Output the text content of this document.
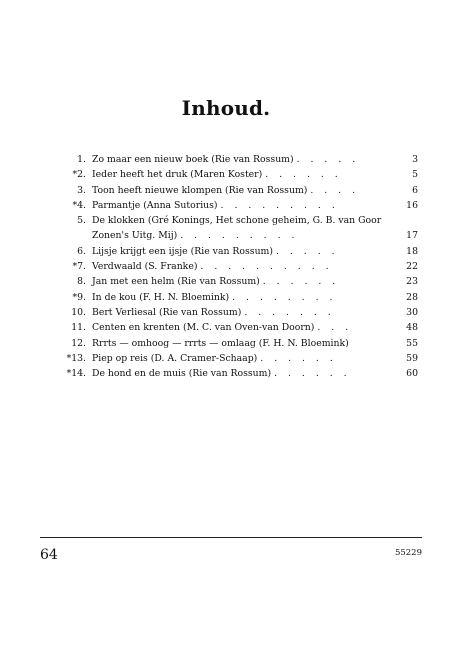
Inhoud.
1. Zo maar een nieuw boek (Rie van Rossum) . . . . .	3
*2. Ieder heeft het druk (Maren Koster) . . . . . .	5
3. Toon heeft nieuwe klompen (Rie van Rossum) . . . .	6
*4. Parmantje (Anna Sutorius) . . . . . . . . .	16
5. De klokken (Gré Konings, Het schone geheim, G. B. van Goor Zonen's Uitg. Mij) . . . . . . . . .	17
6. Lijsje krijgt een ijsje (Rie van Rossum) . . . . .	18
*7. Verdwaald (S. Franke) . . . . . . . . . .	22
8. Jan met een helm (Rie van Rossum) . . . . . .	23
*9. In de kou (F. H. N. Bloemink) . . . . . . . .	28
10. Bert Verliesal (Rie van Rossum) . . . . . . .	30
11. Centen en krenten (M. C. van Oven-van Doorn) . . .	48
12. Rrrts — omhoog — rrrts — omlaag (F. H. N. Bloemink)	55
*13. Piep op reis (D. A. Cramer-Schaap) . . . . . .	59
*14. De hond en de muis (Rie van Rossum) . . . . . .	60
64	55229
